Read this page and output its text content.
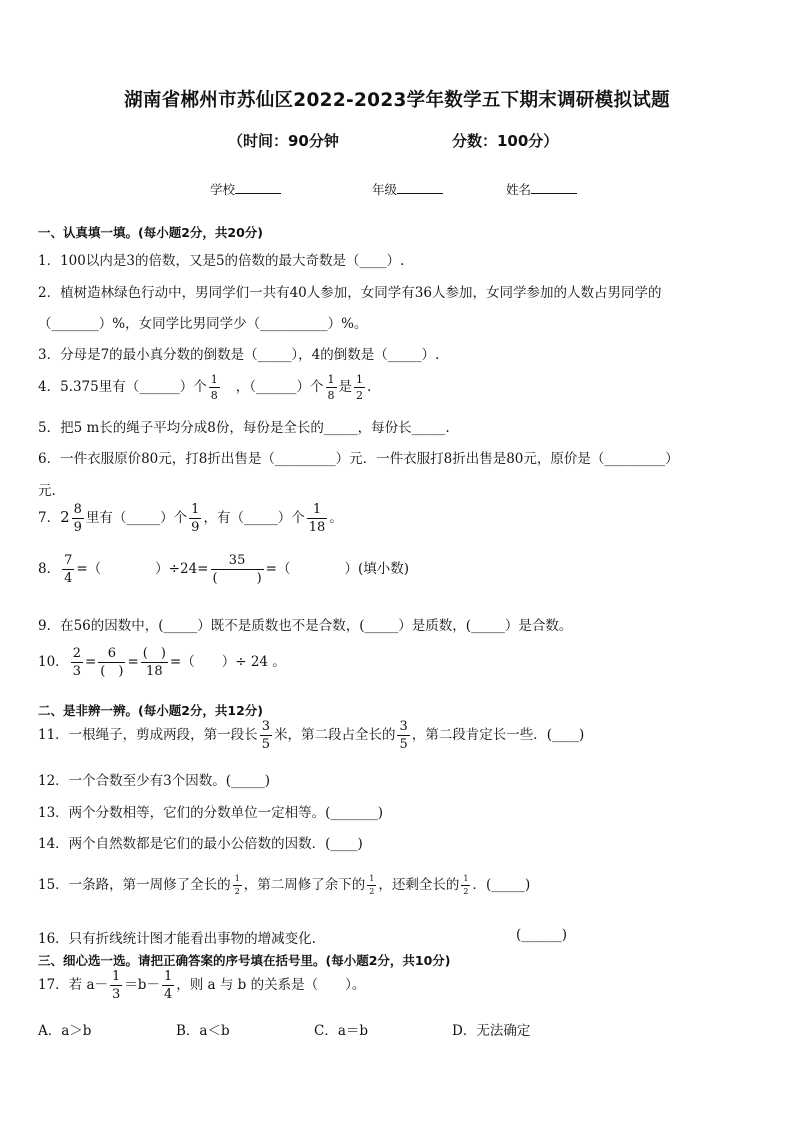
湖南省郴州市苏仙区2022-2023学年数学五下期末调研模拟试题
（时间：90分钟	分数：100分）
学校	年级	姓名
一、认真填一填。(每小题2分，共20分)
1．100以内是3的倍数，又是5的倍数的最大奇数是（____）.
2．植树造林绿色行动中，男同学们一共有40人参加，女同学有36人参加，女同学参加的人数占男同学的
（_______）%，女同学比男同学少（__________）%。
3．分母是7的最小真分数的倒数是（_____），4的倒数是（_____）.
4．5.375里有（______）个 $\frac{1}{8}$ ，（______）个 $\frac{1}{8}$ 是 $\frac{1}{2}$ .
5．把5 m长的绳子平均分成8份，每份是全长的_____，每份长_____.
6．一件衣服原价80元，打8折出售是（_________）元．一件衣服打8折出售是80元，原价是（_________）
元.
7．$2 \frac{8}{9}$ 里有（_____）个 $\frac{1}{9}$ ，有（_____）个 $\frac{1}{18}$ 。
8． $\frac{7}{4}$ =（　　　　）$\div 24= \frac{35}{( )}$ =（　　　　）(填小数)
9．在56的因数中，(_____）既不是质数也不是合数，(_____）是质数，(_____）是合数。
10． $\frac{2}{3} = \frac{6}{( )} = \frac{( )}{18}$ =（　　）÷ 24 。
二、是非辨一辨。(每小题2分，共12分)
11．一根绳子，剪成两段，第一段长 $\frac{3}{5}$ 米，第二段占全长的 $\frac{3}{5}$ ，第二段肯定长一些．(____)
12．一个合数至少有3个因数。(_____)
13．两个分数相等，它们的分数单位一定相等。(_______)
14．两个自然数都是它们的最小公倍数的因数．(____)
15．一条路，第一周修了全长的 $\frac{1}{2}$ ，第二周修了余下的 $\frac{1}{2}$ ，还剩全长的 $\frac{1}{2}$ ．(_____)
16．只有折线统计图才能看出事物的增减变化.	(______)
三、细心选一选。请把正确答案的序号填在括号里。(每小题2分，共10分)
17．若 $a- \frac{1}{3} =b- \frac{1}{4}$ ，则 a 与 b 的关系是（　　）。
A．a＞b	B．a＜b	C．a＝b	D．无法确定
